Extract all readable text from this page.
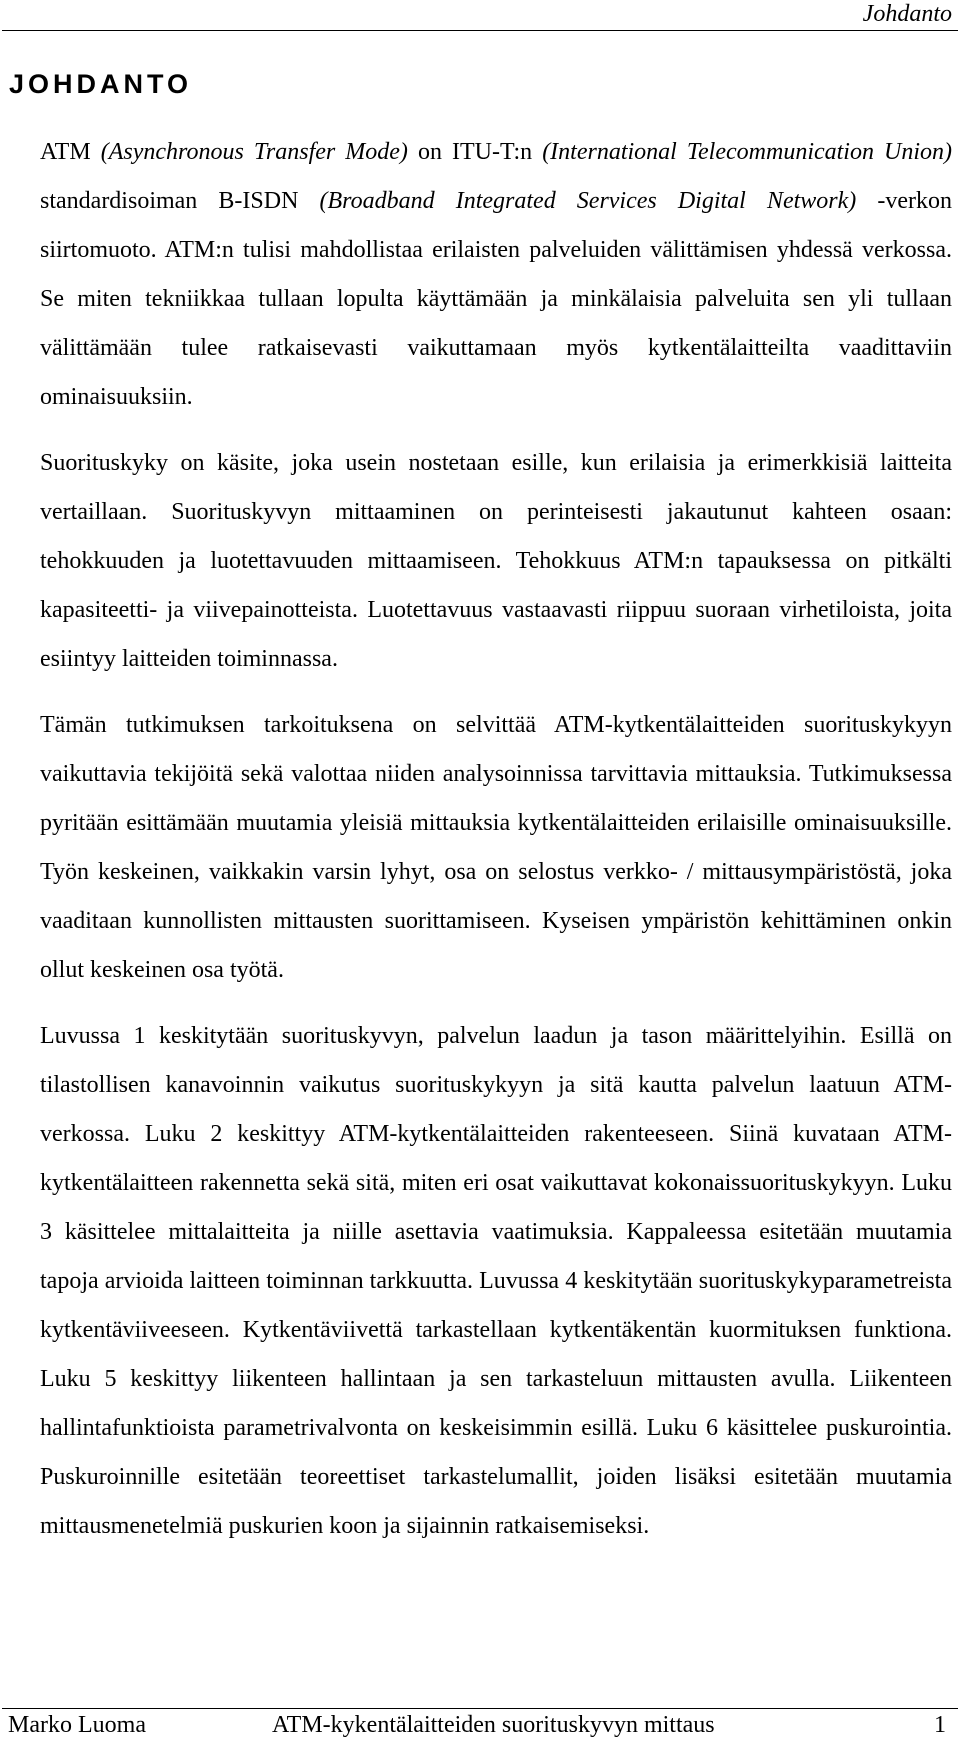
Johdanto
JOHDANTO

ATM (Asynchronous Transfer Mode) on ITU-T:n (International Telecommunication Union) standardisoiman B-ISDN (Broadband Integrated Services Digital Network) -verkon siirtomuoto. ATM:n tulisi mahdollistaa erilaisten palveluiden välittämisen yhdessä verkossa. Se miten tekniikkaa tullaan lopulta käyttämään ja minkälaisia palveluita sen yli tullaan välittämään tulee ratkaisevasti vaikuttamaan myös kytkentälaitteilta vaadittaviin ominaisuuksiin.

Suorituskyky on käsite, joka usein nostetaan esille, kun erilaisia ja erimerkkisiä laitteita vertaillaan. Suorituskyvyn mittaaminen on perinteisesti jakautunut kahteen osaan: tehokkuuden ja luotettavuuden mittaamiseen. Tehokkuus ATM:n tapauksessa on pitkälti kapasiteetti- ja viivepainotteista. Luotettavuus vastaavasti riippuu suoraan virhetiloista, joita esiintyy laitteiden toiminnassa.

Tämän tutkimuksen tarkoituksena on selvittää ATM-kytkentälaitteiden suorituskykyyn vaikuttavia tekijöitä sekä valottaa niiden analysoinnissa tarvittavia mittauksia. Tutkimuksessa pyritään esittämään muutamia yleisiä mittauksia kytkentälaitteiden erilaisille ominaisuuksille. Työn keskeinen, vaikkakin varsin lyhyt, osa on selostus verkko- / mittausympäristöstä, joka vaaditaan kunnollisten mittausten suorittamiseen. Kyseisen ympäristön kehittäminen onkin ollut keskeinen osa työtä.

Luvussa 1 keskitytään suorituskyvyn, palvelun laadun ja tason määrittelyihin. Esillä on tilastollisen kanavoinnin vaikutus suorituskykyyn ja sitä kautta palvelun laatuun ATM-verkossa. Luku 2 keskittyy ATM-kytkentälaitteiden rakenteeseen. Siinä kuvataan ATM-kytkentälaitteen rakennetta sekä sitä, miten eri osat vaikuttavat kokonaissuorituskykyyn. Luku 3 käsittelee mittalaitteita ja niille asettavia vaatimuksia. Kappaleessa esitetään muutamia tapoja arvioida laitteen toiminnan tarkkuutta. Luvussa 4 keskitytään suorituskykyparametreista kytkentäviiveeseen. Kytkentäviivettä tarkastellaan kytkentäkentän kuormituksen funktiona. Luku 5 keskittyy liikenteen hallintaan ja sen tarkasteluun mittausten avulla. Liikenteen hallintafunktioista parametrivalvonta on keskeisimmin esillä. Luku 6 käsittelee puskurointia. Puskuroinnille esitetään teoreettiset tarkastelumallit, joiden lisäksi esitetään muutamia mittausmenetelmiä puskurien koon ja sijainnin ratkaisemiseksi.

Marko Luoma	ATM-kykentälaitteiden suorituskyvyn mittaus	1
